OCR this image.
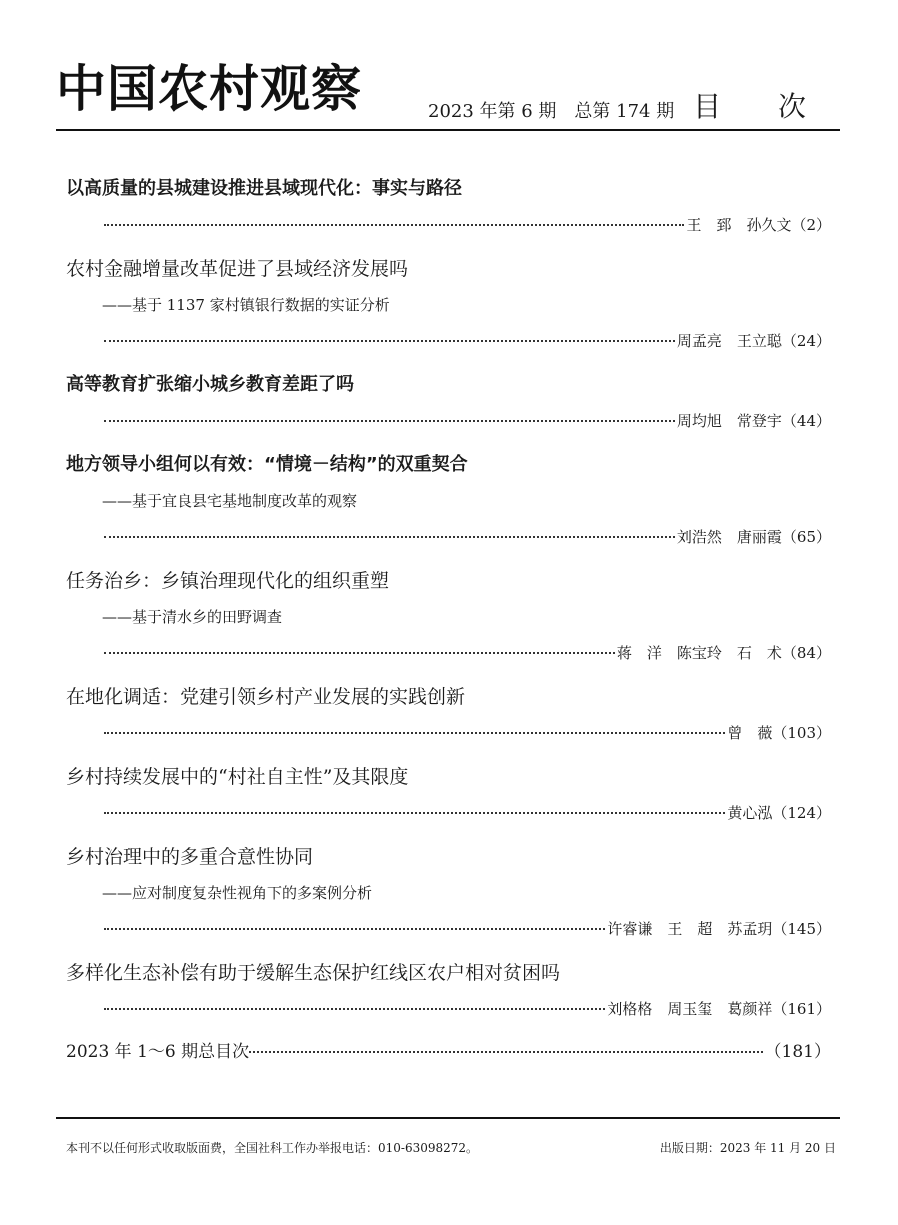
中国农村观察	2023 年第 6 期　总第 174 期 目 次
以高质量的县城建设推进县域现代化：事实与路径
王　郅　孙久文 （2）
农村金融增量改革促进了县域经济发展吗
——基于 1137 家村镇银行数据的实证分析
周孟亮　王立聪 （24）
高等教育扩张缩小城乡教育差距了吗
周均旭　常登宇 （44）
地方领导小组何以有效：“情境－结构”的双重契合
——基于宜良县宅基地制度改革的观察
刘浩然　唐丽霞 （65）
任务治乡：乡镇治理现代化的组织重塑
——基于清水乡的田野调查
蒋　洋　陈宝玲　石　术 （84）
在地化调适：党建引领乡村产业发展的实践创新
曾　薇 （103）
乡村持续发展中的“村社自主性”及其限度
黄心泓 （124）
乡村治理中的多重合意性协同
——应对制度复杂性视角下的多案例分析
许睿谦　王　超　苏孟玥 （145）
多样化生态补偿有助于缓解生态保护红线区农户相对贫困吗
刘格格　周玉玺　葛颜祥 （161）
2023 年 1～6 期总目次	（181）
本刊不以任何形式收取版面费，全国社科工作办举报电话：010-63098272。	出版日期：2023 年 11 月 20 日
